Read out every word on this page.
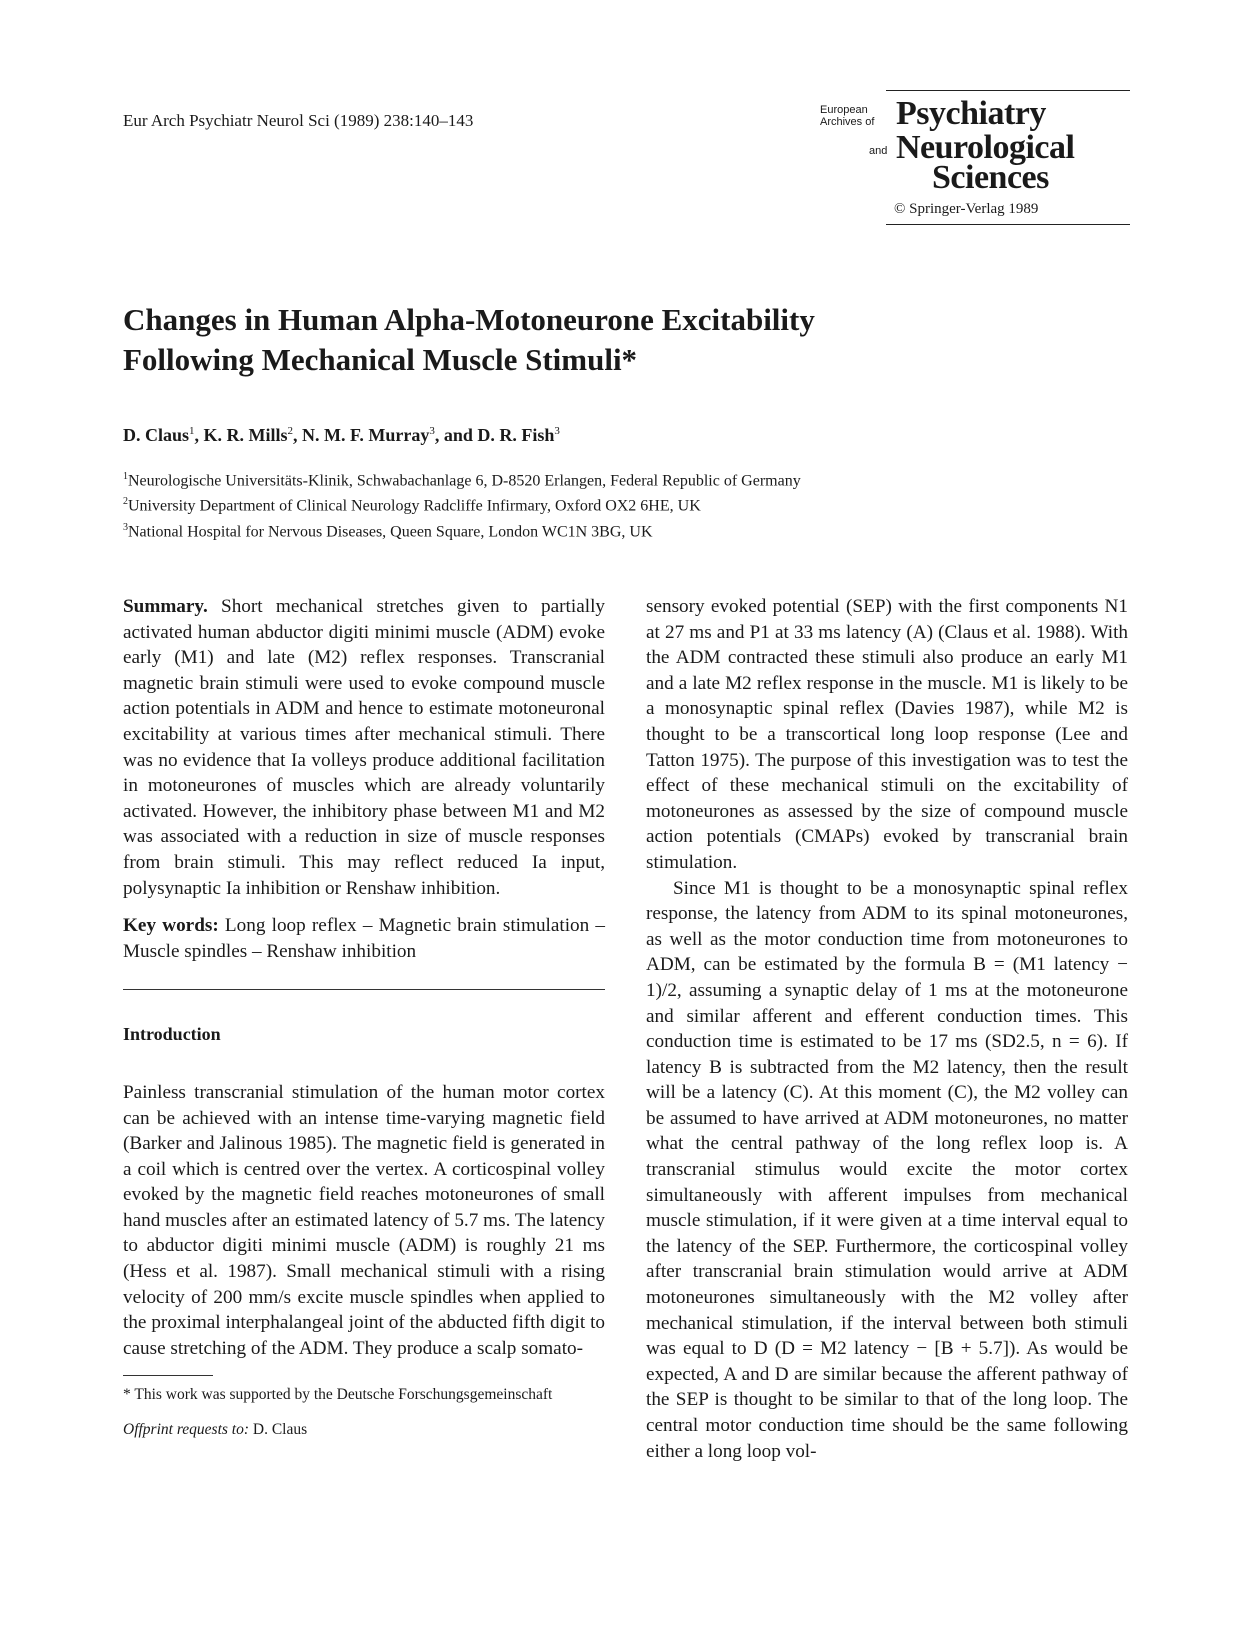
Eur Arch Psychiatr Neurol Sci (1989) 238:140–143
European
Archives of Psychiatry
and Neurological
Sciences
© Springer-Verlag 1989
Changes in Human Alpha-Motoneurone Excitability
Following Mechanical Muscle Stimuli*
D. Claus$^1$, K. R. Mills$^2$, N. M. F. Murray$^3$, and D. R. Fish$^3$
$^1$Neurologische Universitäts-Klinik, Schwabachanlage 6, D-8520 Erlangen, Federal Republic of Germany
$^2$University Department of Clinical Neurology Radcliffe Infirmary, Oxford OX2 6HE, UK
$^3$National Hospital for Nervous Diseases, Queen Square, London WC1N 3BG, UK

Summary. Short mechanical stretches given to partially activated human abductor digiti minimi muscle (ADM) evoke early (M1) and late (M2) reflex responses. Transcranial magnetic brain stimuli were used to evoke compound muscle action potentials in ADM and hence to estimate motoneuronal excitability at various times after mechanical stimuli. There was no evidence that Ia volleys produce additional facilitation in motoneurones of muscles which are already voluntarily activated. However, the inhibitory phase between M1 and M2 was associated with a reduction in size of muscle responses from brain stimuli. This may reflect reduced Ia input, polysynaptic Ia inhibition or Renshaw inhibition.

Key words: Long loop reflex – Magnetic brain stimulation – Muscle spindles – Renshaw inhibition

Introduction

Painless transcranial stimulation of the human motor cortex can be achieved with an intense time-varying magnetic field (Barker and Jalinous 1985). The magnetic field is generated in a coil which is centred over the vertex. A corticospinal volley evoked by the magnetic field reaches motoneurones of small hand muscles after an estimated latency of 5.7 ms. The latency to abductor digiti minimi muscle (ADM) is roughly 21 ms (Hess et al. 1987). Small mechanical stimuli with a rising velocity of 200 mm/s excite muscle spindles when applied to the proximal interphalangeal joint of the abducted fifth digit to cause stretching of the ADM. They produce a scalp somato-

* This work was supported by the Deutsche Forschungsgemeinschaft
Offprint requests to: D. Claus

sensory evoked potential (SEP) with the first components N1 at 27 ms and P1 at 33 ms latency (A) (Claus et al. 1988). With the ADM contracted these stimuli also produce an early M1 and a late M2 reflex response in the muscle. M1 is likely to be a monosynaptic spinal reflex (Davies 1987), while M2 is thought to be a transcortical long loop response (Lee and Tatton 1975). The purpose of this investigation was to test the effect of these mechanical stimuli on the excitability of motoneurones as assessed by the size of compound muscle action potentials (CMAPs) evoked by transcranial brain stimulation.

Since M1 is thought to be a monosynaptic spinal reflex response, the latency from ADM to its spinal motoneurones, as well as the motor conduction time from motoneurones to ADM, can be estimated by the formula B = (M1 latency − 1)/2, assuming a synaptic delay of 1 ms at the motoneurone and similar afferent and efferent conduction times. This conduction time is estimated to be 17 ms (SD2.5, n = 6). If latency B is subtracted from the M2 latency, then the result will be a latency (C). At this moment (C), the M2 volley can be assumed to have arrived at ADM motoneurones, no matter what the central pathway of the long reflex loop is. A transcranial stimulus would excite the motor cortex simultaneously with afferent impulses from mechanical muscle stimulation, if it were given at a time interval equal to the latency of the SEP. Furthermore, the corticospinal volley after transcranial brain stimulation would arrive at ADM motoneurones simultaneously with the M2 volley after mechanical stimulation, if the interval between both stimuli was equal to D (D = M2 latency − [B + 5.7]). As would be expected, A and D are similar because the afferent pathway of the SEP is thought to be similar to that of the long loop. The central motor conduction time should be the same following either a long loop vol-
